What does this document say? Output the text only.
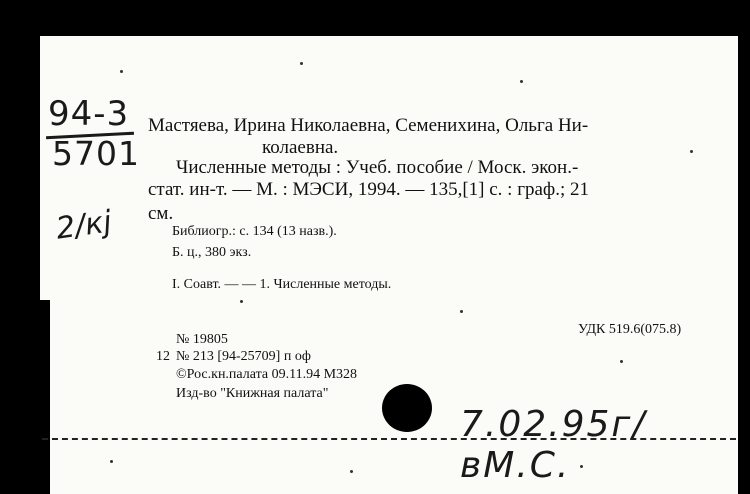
94-3
5701
2/кj
Мастяева, Ирина Николаевна, Семенихина, Ольга Ни-
колаевна.
Численные методы : Учеб. пособие / Моск. экон.-
стат. ин-т. — М. : МЭСИ, 1994. — 135,[1] с. : граф.; 21
см.
Библиогр.: с. 134 (13 назв.).
Б. ц., 380 экз.
I. Соавт. — — 1. Численные методы.
УДК 519.6(075.8)
№ 19805
12 № 213 [94-25709] п оф
©Рос.кн.палата 09.11.94 М328
Изд-во "Книжная палата"
7.02.95г/вМ.С.
